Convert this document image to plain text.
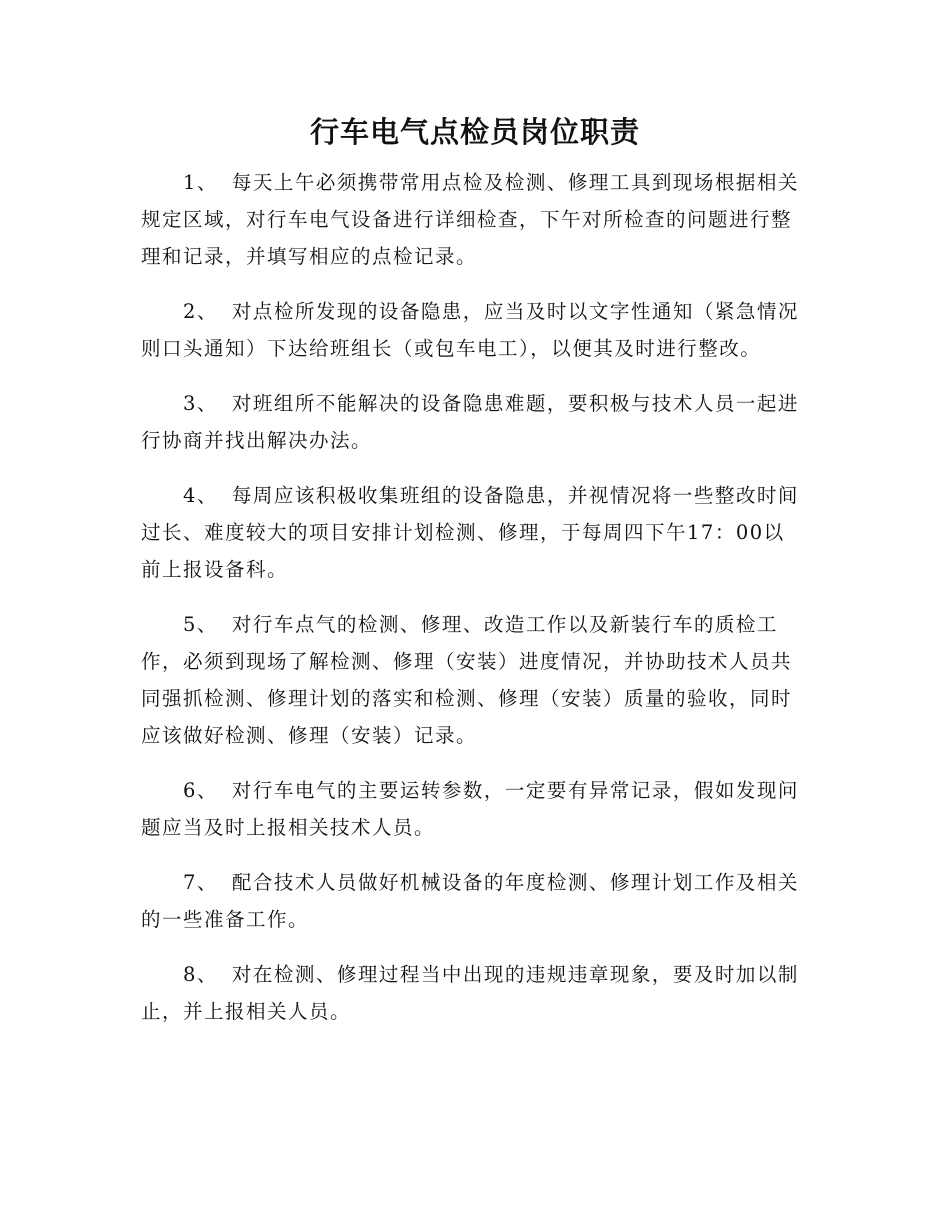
行车电气点检员岗位职责

1、 每天上午必须携带常用点检及检测、修理工具到现场根据相关规定区域，对行车电气设备进行详细检查，下午对所检查的问题进行整理和记录，并填写相应的点检记录。

2、 对点检所发现的设备隐患，应当及时以文字性通知（紧急情况则口头通知）下达给班组长（或包车电工），以便其及时进行整改。

3、 对班组所不能解决的设备隐患难题，要积极与技术人员一起进行协商并找出解决办法。

4、 每周应该积极收集班组的设备隐患，并视情况将一些整改时间过长、难度较大的项目安排计划检测、修理，于每周四下午17：00以前上报设备科。

5、 对行车点气的检测、修理、改造工作以及新装行车的质检工作，必须到现场了解检测、修理（安装）进度情况，并协助技术人员共同强抓检测、修理计划的落实和检测、修理（安装）质量的验收，同时应该做好检测、修理（安装）记录。

6、 对行车电气的主要运转参数，一定要有异常记录，假如发现问题应当及时上报相关技术人员。

7、 配合技术人员做好机械设备的年度检测、修理计划工作及相关的一些准备工作。

8、 对在检测、修理过程当中出现的违规违章现象，要及时加以制止，并上报相关人员。
